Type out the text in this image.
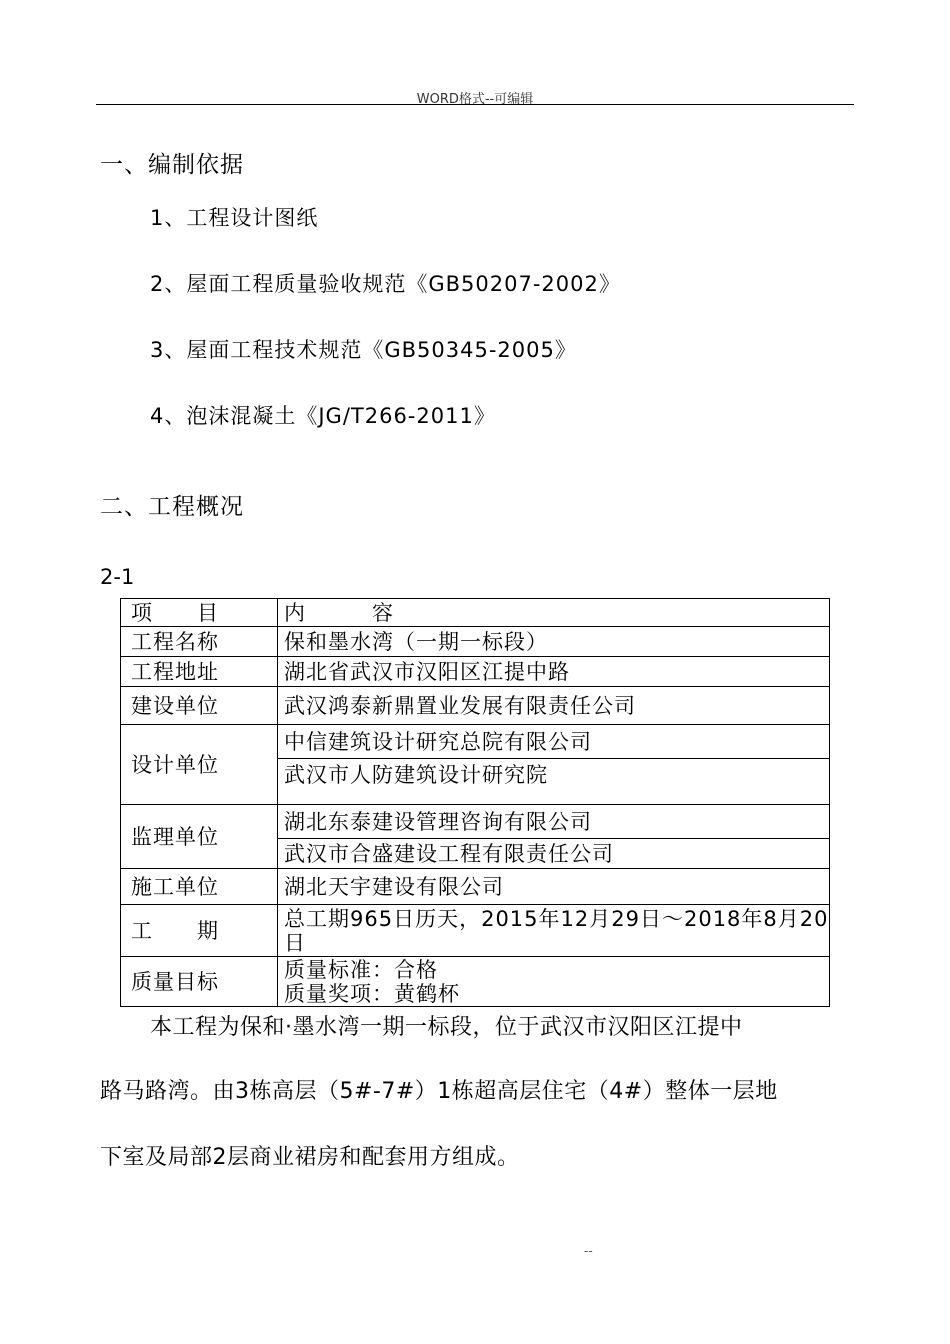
WORD格式--可编辑
一、编制依据
1、工程设计图纸
2、屋面工程质量验收规范《GB50207-2002》
3、屋面工程技术规范《GB50345-2005》
4、泡沫混凝土《JG/T266-2011》
二、工程概况
2-1
项　　目	内　　　容
工程名称	保和墨水湾（一期一标段）
工程地址	湖北省武汉市汉阳区江提中路
建设单位	武汉鸿泰新鼎置业发展有限责任公司
设计单位	中信建筑设计研究总院有限公司
	武汉市人防建筑设计研究院
监理单位	湖北东泰建设管理咨询有限公司
	武汉市合盛建设工程有限责任公司
施工单位	湖北天宇建设有限公司
工　　期	总工期965日历天，2015年12月29日～2018年8月20日
质量目标	质量标准：合格
质量奖项：黄鹤杯
本工程为保和·墨水湾一期一标段，位于武汉市汉阳区江提中
路马路湾。由3栋高层（5#-7#）1栋超高层住宅（4#）整体一层地
下室及局部2层商业裙房和配套用方组成。
--
